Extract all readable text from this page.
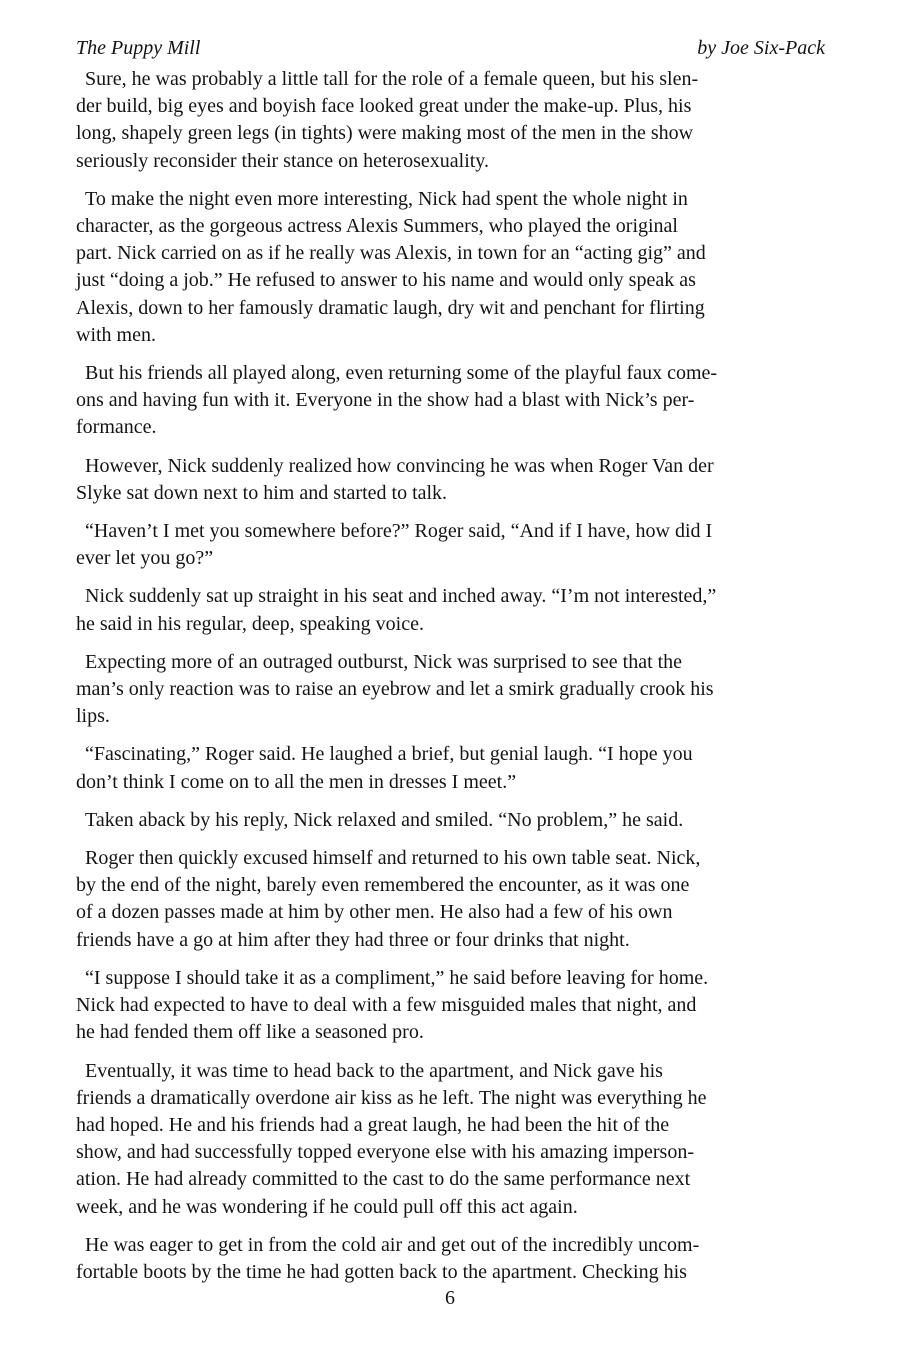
The Puppy Mill	by Joe Six-Pack
Sure, he was probably a little tall for the role of a female queen, but his slen-
der build, big eyes and boyish face looked great under the make-up. Plus, his
long, shapely green legs (in tights) were making most of the men in the show
seriously reconsider their stance on heterosexuality.
To make the night even more interesting, Nick had spent the whole night in
character, as the gorgeous actress Alexis Summers, who played the original
part. Nick carried on as if he really was Alexis, in town for an “acting gig” and
just “doing a job.” He refused to answer to his name and would only speak as
Alexis, down to her famously dramatic laugh, dry wit and penchant for flirting
with men.
But his friends all played along, even returning some of the playful faux come-
ons and having fun with it. Everyone in the show had a blast with Nick’s per-
formance.
However, Nick suddenly realized how convincing he was when Roger Van der
Slyke sat down next to him and started to talk.
“Haven’t I met you somewhere before?” Roger said, “And if I have, how did I
ever let you go?”
Nick suddenly sat up straight in his seat and inched away. “I’m not interested,”
he said in his regular, deep, speaking voice.
Expecting more of an outraged outburst, Nick was surprised to see that the
man’s only reaction was to raise an eyebrow and let a smirk gradually crook his
lips.
“Fascinating,” Roger said. He laughed a brief, but genial laugh. “I hope you
don’t think I come on to all the men in dresses I meet.”
Taken aback by his reply, Nick relaxed and smiled. “No problem,” he said.
Roger then quickly excused himself and returned to his own table seat. Nick,
by the end of the night, barely even remembered the encounter, as it was one
of a dozen passes made at him by other men. He also had a few of his own
friends have a go at him after they had three or four drinks that night.
“I suppose I should take it as a compliment,” he said before leaving for home.
Nick had expected to have to deal with a few misguided males that night, and
he had fended them off like a seasoned pro.
Eventually, it was time to head back to the apartment, and Nick gave his
friends a dramatically overdone air kiss as he left. The night was everything he
had hoped. He and his friends had a great laugh, he had been the hit of the
show, and had successfully topped everyone else with his amazing imperson-
ation. He had already committed to the cast to do the same performance next
week, and he was wondering if he could pull off this act again.
He was eager to get in from the cold air and get out of the incredibly uncom-
fortable boots by the time he had gotten back to the apartment. Checking his
6
